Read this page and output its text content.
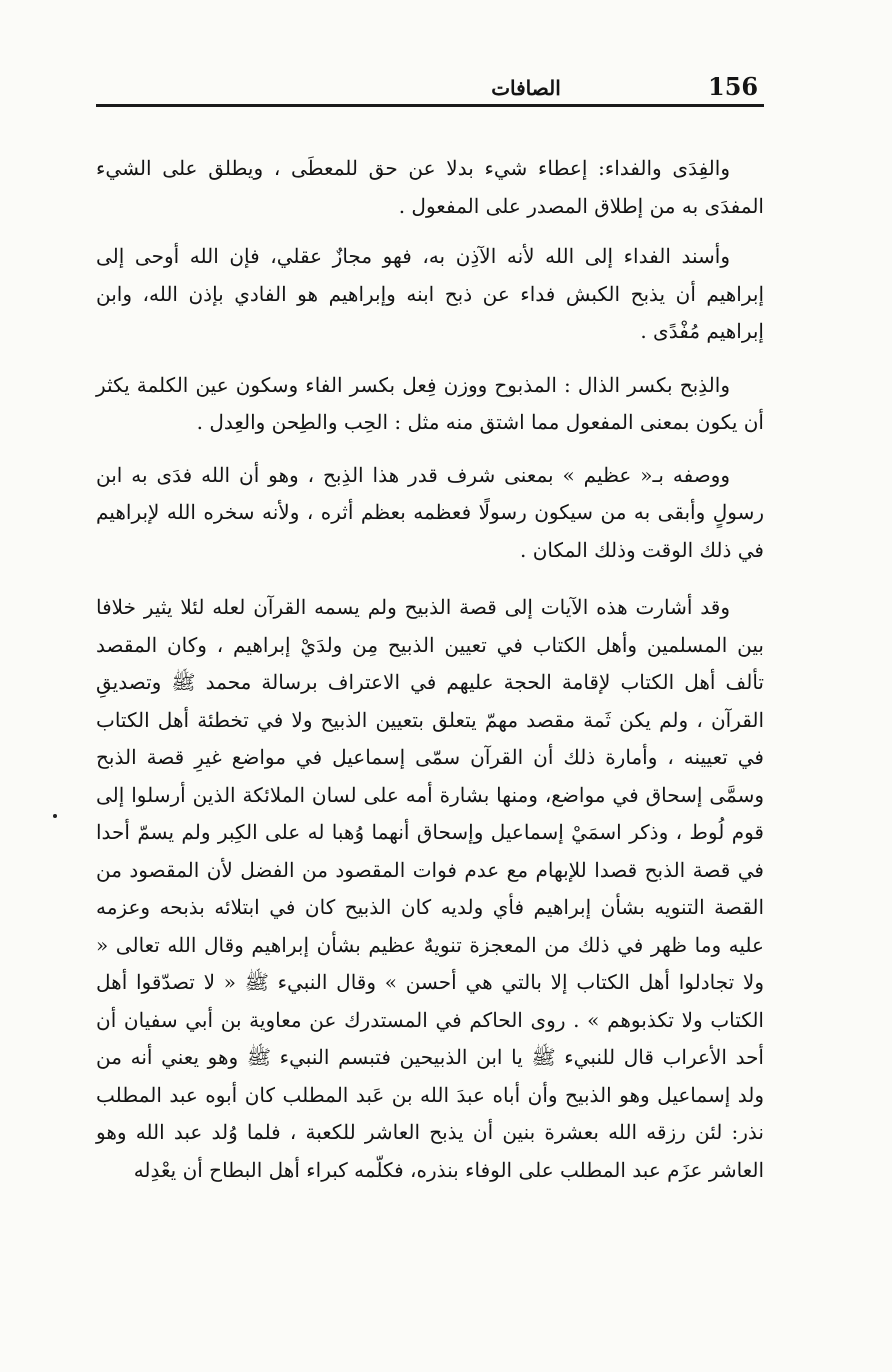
156
الصافات

والفِدَى والفداء: إعطاء شيء بدلا عن حق للمعطَى ، ويطلق على الشيء المفدَى به من إطلاق المصدر على المفعول .

وأسند الفداء إلى الله لأنه الآذِن به، فهو مجازٌ عقلي، فإن الله أوحى إلى إبراهيم أن يذبح الكبش فداء عن ذبح ابنه وإبراهيم هو الفادي بإذن الله، وابن إبراهيم مُفْدًى .

والذِبح بكسر الذال : المذبوح ووزن فِعل بكسر الفاء وسكون عين الكلمة يكثر أن يكون بمعنى المفعول مما اشتق منه مثل : الحِب والطِحن والعِدل .

ووصفه بـ« عظيم » بمعنى شرف قدر هذا الذِبح ، وهو أن الله فدَى به ابن رسولٍ وأبقى به من سيكون رسولًا فعظمه بعظم أثره ، ولأنه سخره الله لإبراهيم في ذلك الوقت وذلك المكان .

وقد أشارت هذه الآيات إلى قصة الذبيح ولم يسمه القرآن لعله لئلا يثير خلافا بين المسلمين وأهل الكتاب في تعيين الذبيح مِن ولدَيْ إبراهيم ، وكان المقصد تألف أهل الكتاب لإقامة الحجة عليهم في الاعتراف برسالة محمد ﷺ وتصديقِ القرآن ، ولم يكن ثَمة مقصد مهمّ يتعلق بتعيين الذبيح ولا في تخطئة أهل الكتاب في تعيينه ، وأمارة ذلك أن القرآن سمّى إسماعيل في مواضع غيرِ قصة الذبح وسمَّى إسحاق في مواضع، ومنها بشارة أمه على لسان الملائكة الذين أرسلوا إلى قوم لُوط ، وذكر اسمَيْ إسماعيل وإسحاق أنهما وُهبا له على الكِبر ولم يسمّ أحدا في قصة الذبح قصدا للإبهام مع عدم فوات المقصود من الفضل لأن المقصود من القصة التنويه بشأن إبراهيم فأي ولديه كان الذبيح كان في ابتلائه بذبحه وعزمه عليه وما ظهر في ذلك من المعجزة تنويهٌ عظيم بشأن إبراهيم وقال الله تعالى « ولا تجادلوا أهل الكتاب إلا بالتي هي أحسن » وقال النبيء ﷺ « لا تصدّقوا أهل الكتاب ولا تكذبوهم » . روى الحاكم في المستدرك عن معاوية بن أبي سفيان أن أحد الأعراب قال للنبيء ﷺ يا ابن الذبيحين فتبسم النبيء ﷺ وهو يعني أنه من ولد إسماعيل وهو الذبيح وأن أباه عبدَ الله بن عَبد المطلب كان أبوه عبد المطلب نذر: لئن رزقه الله بعشرة بنين أن يذبح العاشر للكعبة ، فلما وُلد عبد الله وهو العاشر عزَم عبد المطلب على الوفاء بنذره، فكلّمه كبراء أهل البطاح أن يعْدِله
